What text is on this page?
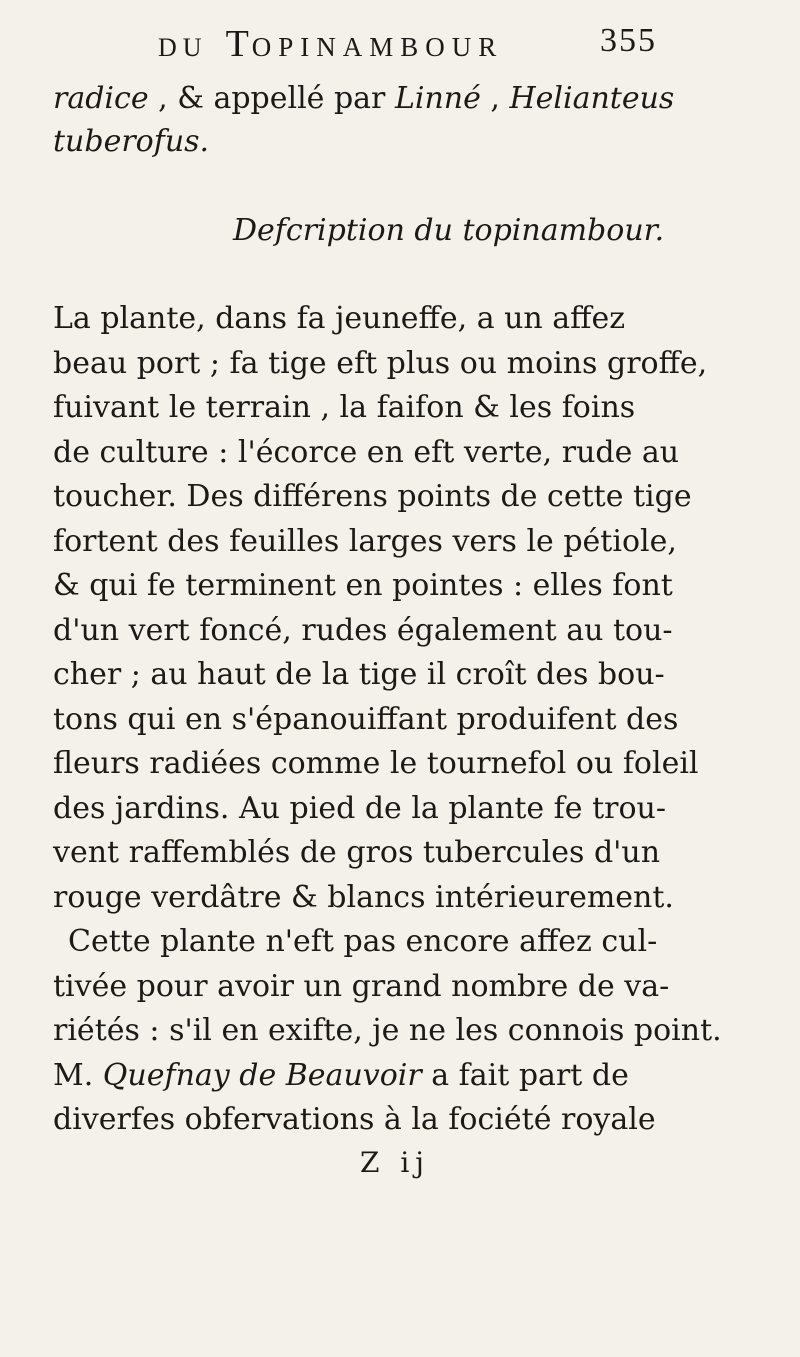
DU TOPINAMBOUR	355
radice , & appellé par Linné , Helianteus
tuberofus.
Defcription du topinambour.
La plante, dans fa jeuneffe, a un affez
beau port ; fa tige eft plus ou moins groffe,
fuivant le terrain , la faifon & les foins
de culture : l'écorce en eft verte, rude au
toucher. Des différens points de cette tige
fortent des feuilles larges vers le pétiole,
& qui fe terminent en pointes : elles font
d'un vert foncé, rudes également au tou-
cher ; au haut de la tige il croît des bou-
tons qui en s'épanouiffant produifent des
fleurs radiées comme le tournefol ou foleil
des jardins. Au pied de la plante fe trou-
vent raffemblés de gros tubercules d'un
rouge verdâtre & blancs intérieurement.
Cette plante n'eft pas encore affez cul-
tivée pour avoir un grand nombre de va-
riétés : s'il en exifte, je ne les connois point.
M. Quefnay de Beauvoir a fait part de
diverfes obfervations à la fociété royale
Z ij
